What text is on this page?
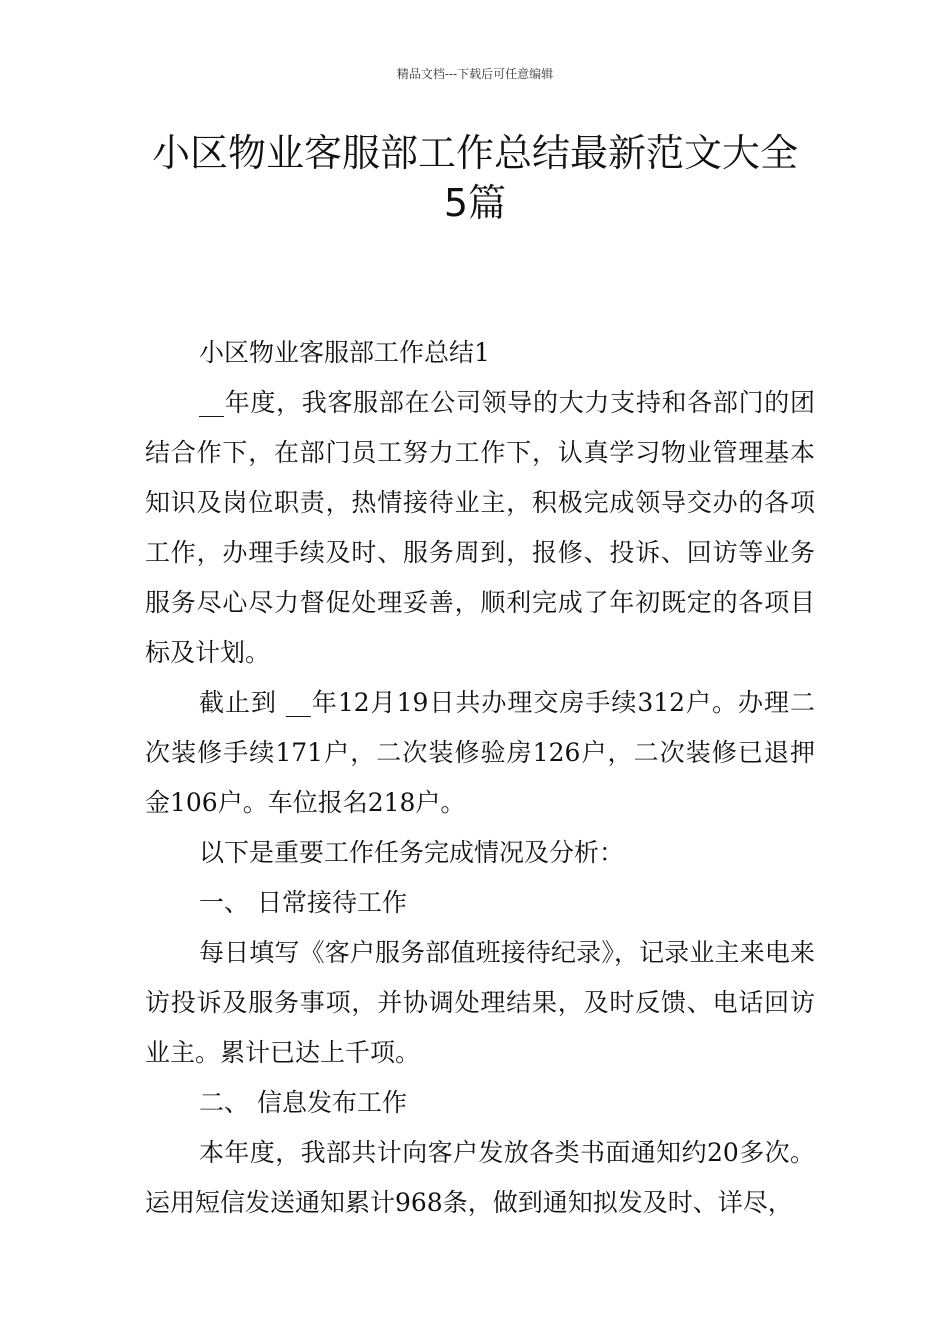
精品文档---下载后可任意编辑
小区物业客服部工作总结最新范文大全
5篇

小区物业客服部工作总结1

__年度，我客服部在公司领导的大力支持和各部门的团结合作下，在部门员工努力工作下，认真学习物业管理基本知识及岗位职责，热情接待业主，积极完成领导交办的各项工作，办理手续及时、服务周到，报修、投诉、回访等业务服务尽心尽力督促处理妥善，顺利完成了年初既定的各项目标及计划。

截止到 __年12月19日共办理交房手续312户。办理二次装修手续171户，二次装修验房126户，二次装修已退押金106户。车位报名218户。

以下是重要工作任务完成情况及分析：

一、 日常接待工作

每日填写《客户服务部值班接待纪录》，记录业主来电来访投诉及服务事项，并协调处理结果，及时反馈、电话回访业主。累计已达上千项。

二、 信息发布工作

本年度，我部共计向客户发放各类书面通知约20多次。运用短信发送通知累计968条，做到通知拟发及时、详尽，
